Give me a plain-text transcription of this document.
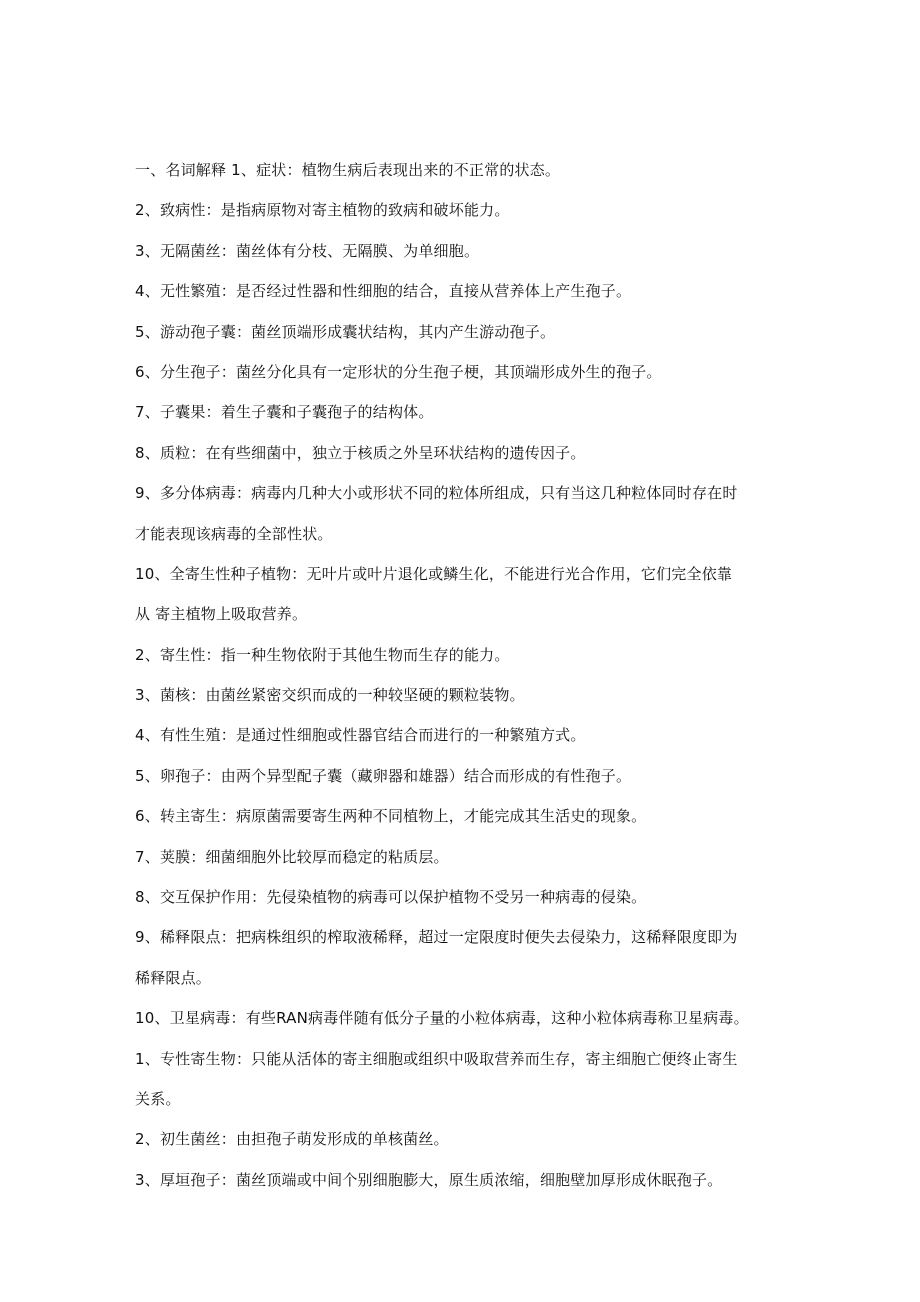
一、名词解释 1、症状：植物生病后表现出来的不正常的状态。
2、致病性：是指病原物对寄主植物的致病和破坏能力。
3、无隔菌丝：菌丝体有分枝、无隔膜、为单细胞。
4、无性繁殖：是否经过性器和性细胞的结合，直接从营养体上产生孢子。
5、游动孢子囊：菌丝顶端形成囊状结构，其内产生游动孢子。
6、分生孢子：菌丝分化具有一定形状的分生孢子梗，其顶端形成外生的孢子。
7、子囊果：着生子囊和子囊孢子的结构体。
8、质粒：在有些细菌中，独立于核质之外呈环状结构的遗传因子。
9、多分体病毒：病毒内几种大小或形状不同的粒体所组成，只有当这几种粒体同时存在时
才能表现该病毒的全部性状。
10、全寄生性种子植物：无叶片或叶片退化或鳞生化，不能进行光合作用，它们完全依靠
从 寄主植物上吸取营养。
2、寄生性：指一种生物依附于其他生物而生存的能力。
3、菌核：由菌丝紧密交织而成的一种较坚硬的颗粒装物。
4、有性生殖：是通过性细胞或性器官结合而进行的一种繁殖方式。
5、卵孢子：由两个异型配子囊（藏卵器和雄器）结合而形成的有性孢子。
6、转主寄生：病原菌需要寄生两种不同植物上，才能完成其生活史的现象。
7、荚膜：细菌细胞外比较厚而稳定的粘质层。
8、交互保护作用：先侵染植物的病毒可以保护植物不受另一种病毒的侵染。
9、稀释限点：把病株组织的榨取液稀释，超过一定限度时便失去侵染力，这稀释限度即为
稀释限点。
10、卫星病毒：有些RAN病毒伴随有低分子量的小粒体病毒，这种小粒体病毒称卫星病毒。
1、专性寄生物：只能从活体的寄主细胞或组织中吸取营养而生存，寄主细胞亡便终止寄生
关系。
2、初生菌丝：由担孢子萌发形成的单核菌丝。
3、厚垣孢子：菌丝顶端或中间个别细胞膨大，原生质浓缩，细胞壁加厚形成休眠孢子。
